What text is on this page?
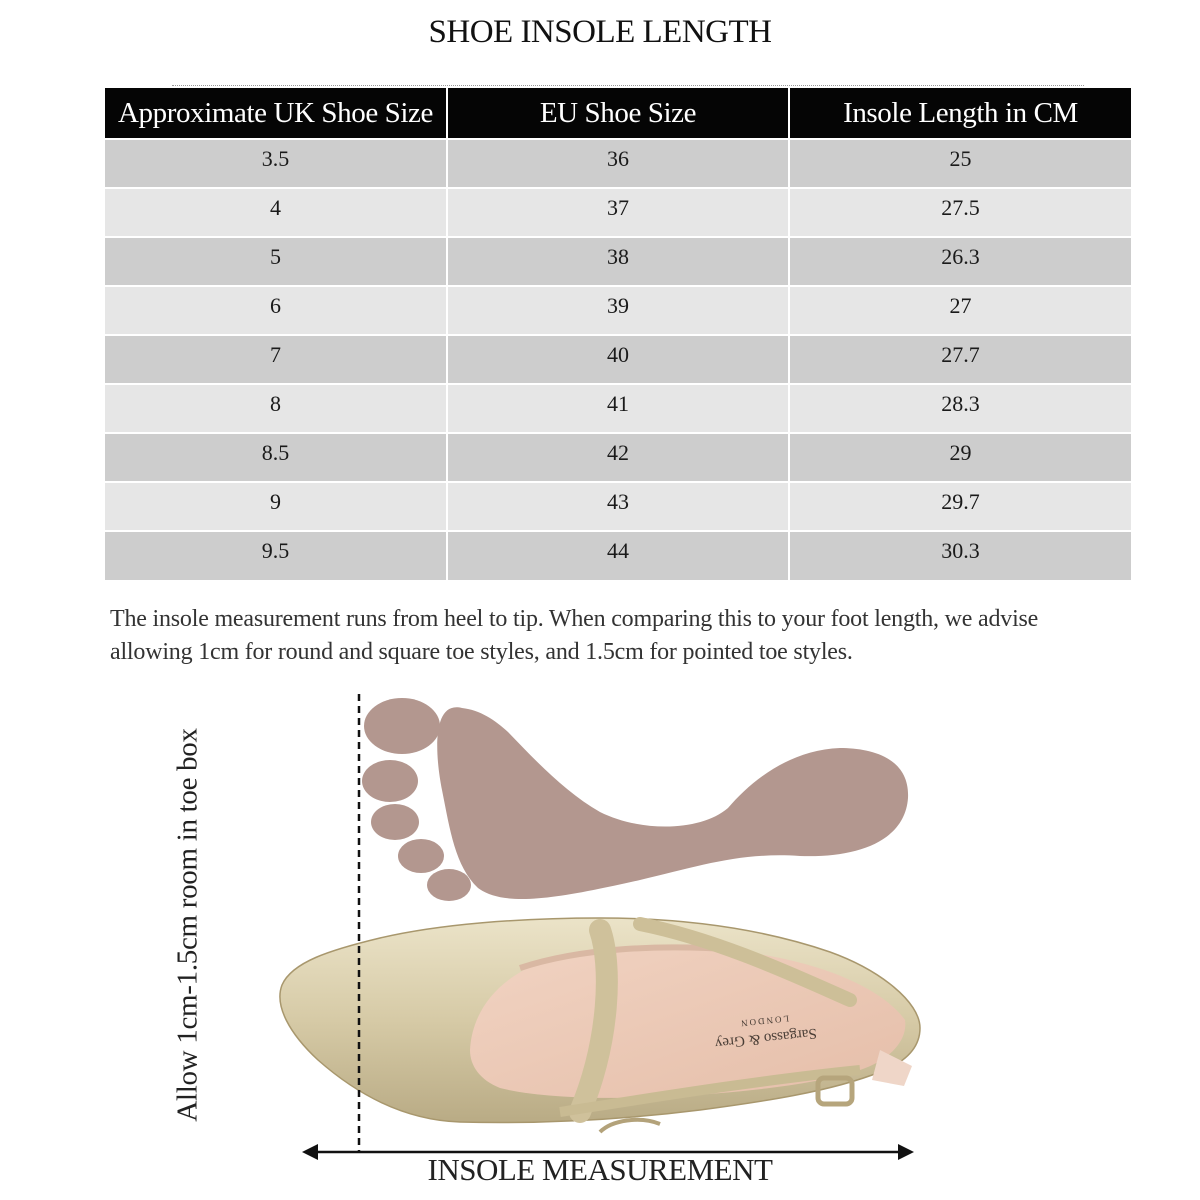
SHOE INSOLE LENGTH
Approximate UK Shoe Size	EU Shoe Size	Insole Length in CM
3.5	36	25
4	37	27.5
5	38	26.3
6	39	27
7	40	27.7
8	41	28.3
8.5	42	29
9	43	29.7
9.5	44	30.3
The insole measurement runs from heel to tip. When comparing this to your foot length, we advise allowing 1cm for round and square toe styles, and 1.5cm for pointed toe styles.
Sargasso & Grey
LONDON
Allow 1cm-1.5cm room in toe box
INSOLE MEASUREMENT
